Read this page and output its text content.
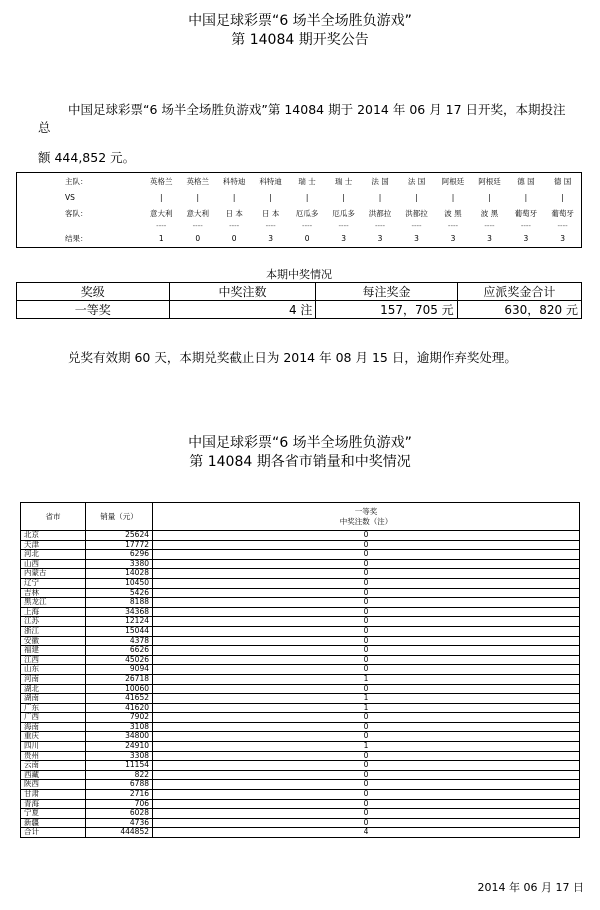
中国足球彩票“6 场半全场胜负游戏”
第 14084 期开奖公告
中国足球彩票“6 场半全场胜负游戏”第 14084 期于 2014 年 06 月 17 日开奖，本期投注总
额 444,852 元。
主队：	英格兰	英格兰	科特迪	科特迪	瑞 士	瑞 士	法 国	法 国	阿根廷	阿根廷	德 国	德 国
VS	|	|	|	|	|	|	|	|	|	|	|	|
客队：	意大利	意大利	日 本	日 本	厄瓜多	厄瓜多	洪都拉	洪都拉	波 黑	波 黑	葡萄牙	葡萄牙
	----	----	----	----	----	----	----	----	----	----	----	----
结果：	1	0	0	3	0	3	3	3	3	3	3	3
本期中奖情况
奖级	中奖注数	每注奖金	应派奖金合计
一等奖	4 注	157，705 元	630，820 元
兑奖有效期 60 天，本期兑奖截止日为 2014 年 08 月 15 日，逾期作弃奖处理。
中国足球彩票“6 场半全场胜负游戏”
第 14084 期各省市销量和中奖情况
省市	销量（元）	一等奖
中奖注数（注）

北京	25624	0
天津	17772	0
河北	6296	0
山西	3380	0
内蒙古	14028	0
辽宁	10450	0
吉林	5426	0
黑龙江	8188	0
上海	34368	0
江苏	12124	0
浙江	15044	0
安徽	4378	0
福建	6626	0
江西	45026	0
山东	9094	0
河南	26718	1
湖北	10060	0
湖南	41652	1
广东	41620	1
广西	7902	0
海南	3108	0
重庆	34800	0
四川	24910	1
贵州	3308	0
云南	11154	0
西藏	822	0
陕西	6788	0
甘肃	2716	0
青海	706	0
宁夏	6028	0
新疆	4736	0
合计	444852	4
2014 年 06 月 17 日
